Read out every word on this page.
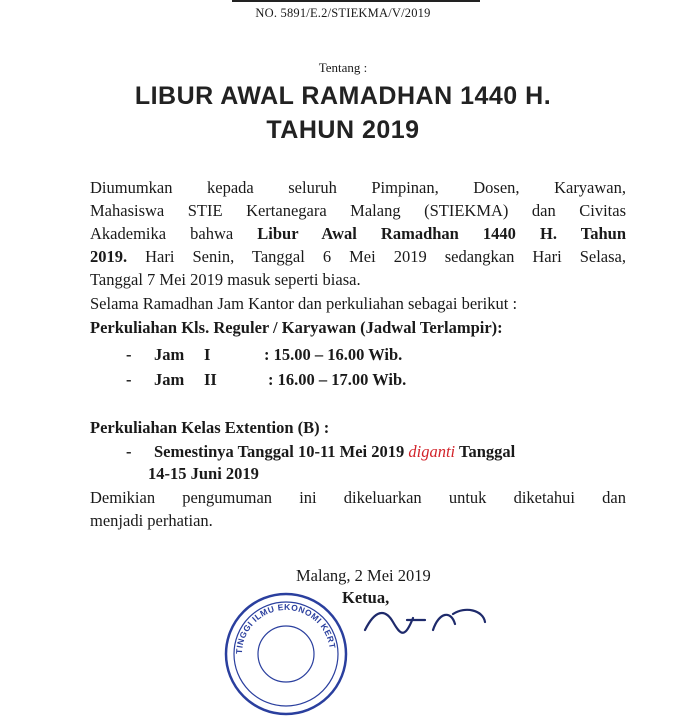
NO. 5891/E.2/STIEKMA/V/2019
Tentang :
LIBUR AWAL RAMADHAN 1440 H.
TAHUN 2019
Diumumkan kepada seluruh Pimpinan, Dosen, Karyawan,
Mahasiswa STIE Kertanegara Malang (STIEKMA) dan Civitas
Akademika bahwa Libur Awal Ramadhan 1440 H. Tahun
2019. Hari Senin, Tanggal 6 Mei 2019 sedangkan Hari Selasa,
Tanggal 7 Mei 2019 masuk seperti biasa.
Selama Ramadhan Jam Kantor dan perkuliahan sebagai berikut :
Perkuliahan Kls. Reguler / Karyawan (Jadwal Terlampir):
- Jam I	: 15.00 – 16.00 Wib.
- Jam II	: 16.00 – 17.00 Wib.
Perkuliahan Kelas Extention (B) :
- Semestinya Tanggal 10-11 Mei 2019 diganti Tanggal
14-15 Juni 2019
Demikian pengumuman ini dikeluarkan untuk diketahui dan
menjadi perhatian.
Malang, 2 Mei 2019
Ketua,
TINGGI ILMU EKONOMI KERT
